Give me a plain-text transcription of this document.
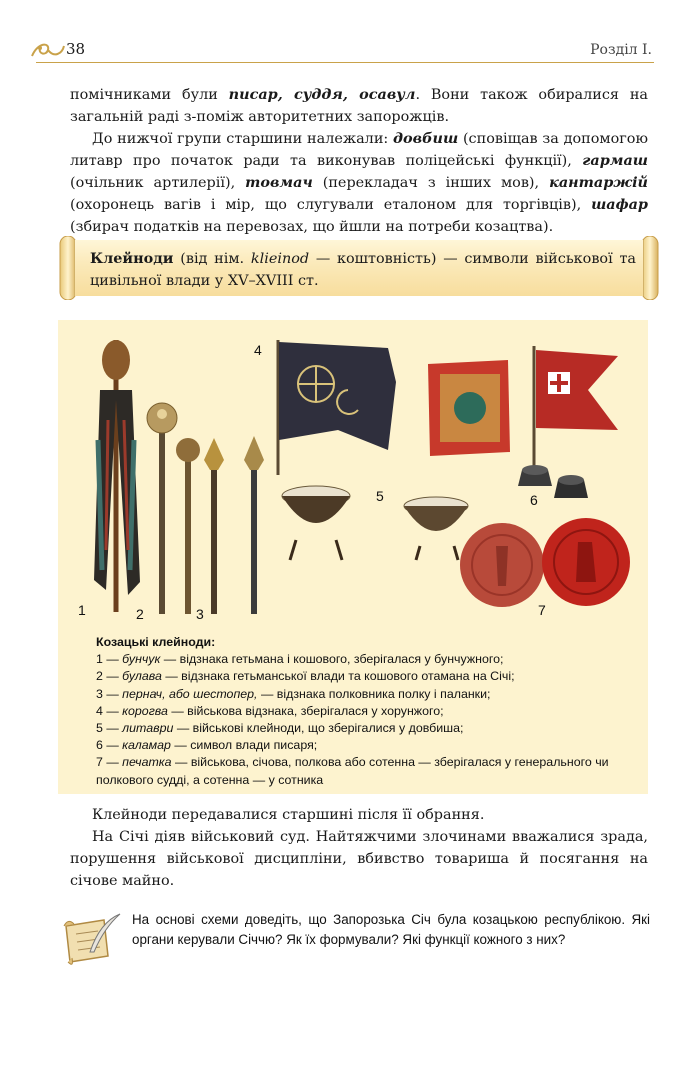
38	Розділ I.
помічниками були писар, суддя, осавул. Вони також обиралися на загальній раді з-поміж авторитетних запорожців.
До нижчої групи старшини належали: довбиш (сповіщав за допомогою литавр про початок ради та виконував поліцейські функції), гармаш (очільник артилерії), товмач (перекладач з інших мов), кантаржій (охоронець вагів і мір, що слугували еталоном для торгівців), шафар (збирач податків на перевозах, що йшли на потреби козацтва).
Клейноди (від нім. klieinod — коштовність) — символи військової та цивільної влади у XV–XVIII ст.
1	2	3
4
5	6
7
Козацькі клейноди:
1 — бунчук — відзнака гетьмана і кошового, зберігалася у бунчужного;
2 — булава — відзнака гетьманської влади та кошового отамана на Січі;
3 — пернач, або шестопер, — відзнака полковника полку і паланки;
4 — корогва — військова відзнака, зберігалася у хорунжого;
5 — литаври — військові клейноди, що зберігалися у довбиша;
6 — каламар — символ влади писаря;
7 — печатка — військова, січова, полкова або сотенна — зберігалася у генерального чи полкового судді, а сотенна — у сотника
Клейноди передавалися старшині після її обрання.
На Січі діяв військовий суд. Найтяжчими злочинами вважалися зрада, порушення військової дисципліни, вбивство товариша й посягання на січове майно.
На основі схеми доведіть, що Запорозька Січ була козацькою республікою. Які органи керували Січчю? Як їх формували? Які функції кожного з них?
